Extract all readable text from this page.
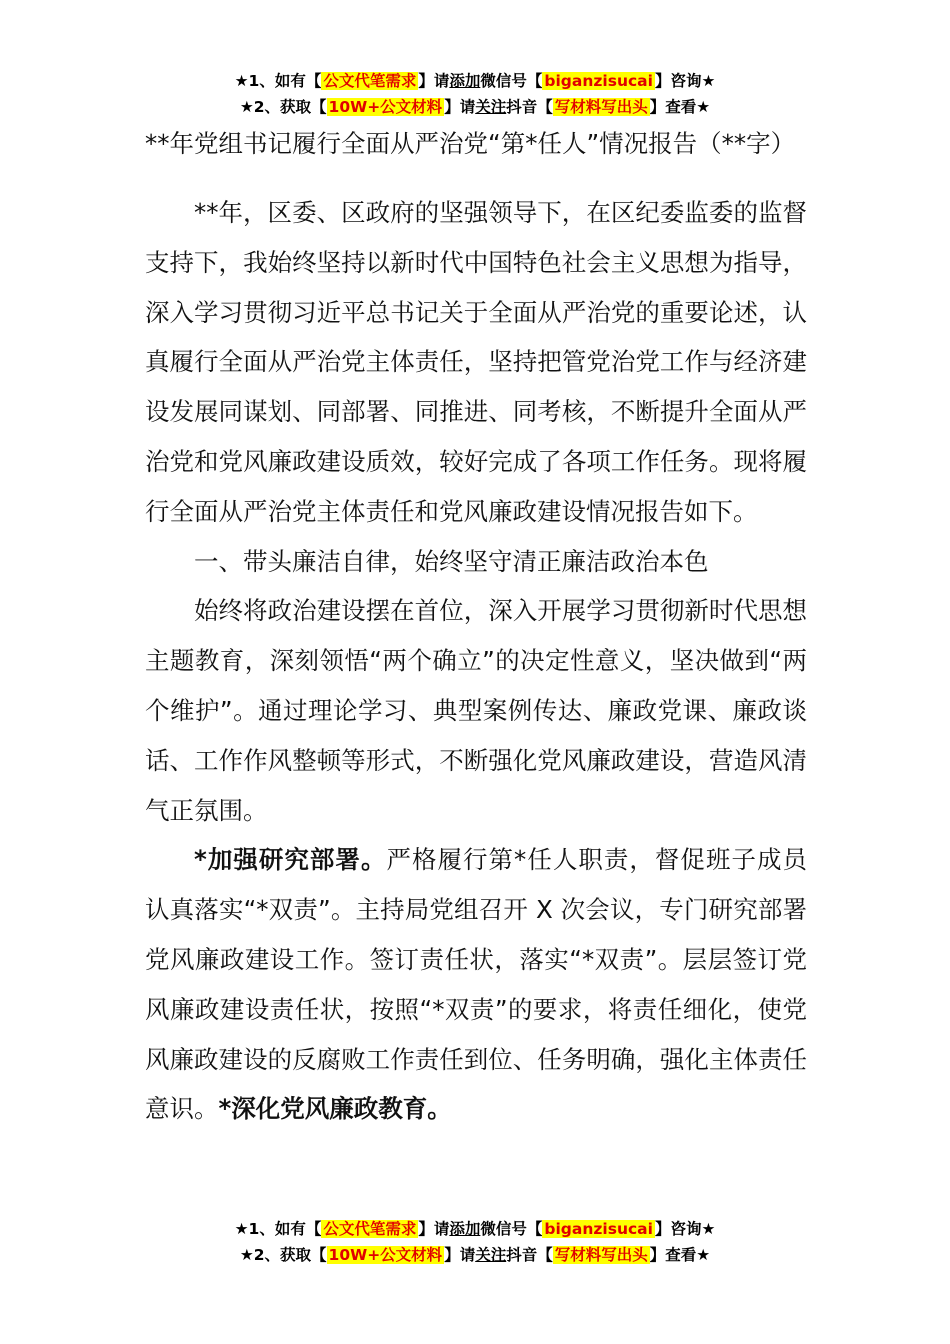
★1、如有【 公文代笔需求 】请添加微信号【 biganzisucai 】咨询★
★2、获取【 10W+公文材料 】请关注抖音【 写材料写出头 】查看★

**年党组书记履行全面从严治党“第*任人”情况报告（**字）

**年，区委、区政府的坚强领导下，在区纪委监委的监督支持下，我始终坚持以新时代中国特色社会主义思想为指导，深入学习贯彻习近平总书记关于全面从严治党的重要论述，认真履行全面从严治党主体责任，坚持把管党治党工作与经济建设发展同谋划、同部署、同推进、同考核，不断提升全面从严治党和党风廉政建设质效，较好完成了各项工作任务。现将履行全面从严治党主体责任和党风廉政建设情况报告如下。

一、带头廉洁自律，始终坚守清正廉洁政治本色

始终将政治建设摆在首位，深入开展学习贯彻新时代思想主题教育，深刻领悟“两个确立”的决定性意义，坚决做到“两个维护”。通过理论学习、典型案例传达、廉政党课、廉政谈话、工作作风整顿等形式，不断强化党风廉政建设，营造风清气正氛围。

*加强研究部署。严格履行第*任人职责，督促班子成员认真落实“*双责”。主持局党组召开 X 次会议，专门研究部署党风廉政建设工作。签订责任状，落实“*双责”。层层签订党风廉政建设责任状，按照“*双责”的要求，将责任细化，使党风廉政建设的反腐败工作责任到位、任务明确，强化主体责任意识。*深化党风廉政教育。

★1、如有【 公文代笔需求 】请添加微信号【 biganzisucai 】咨询★
★2、获取【 10W+公文材料 】请关注抖音【 写材料写出头 】查看★
